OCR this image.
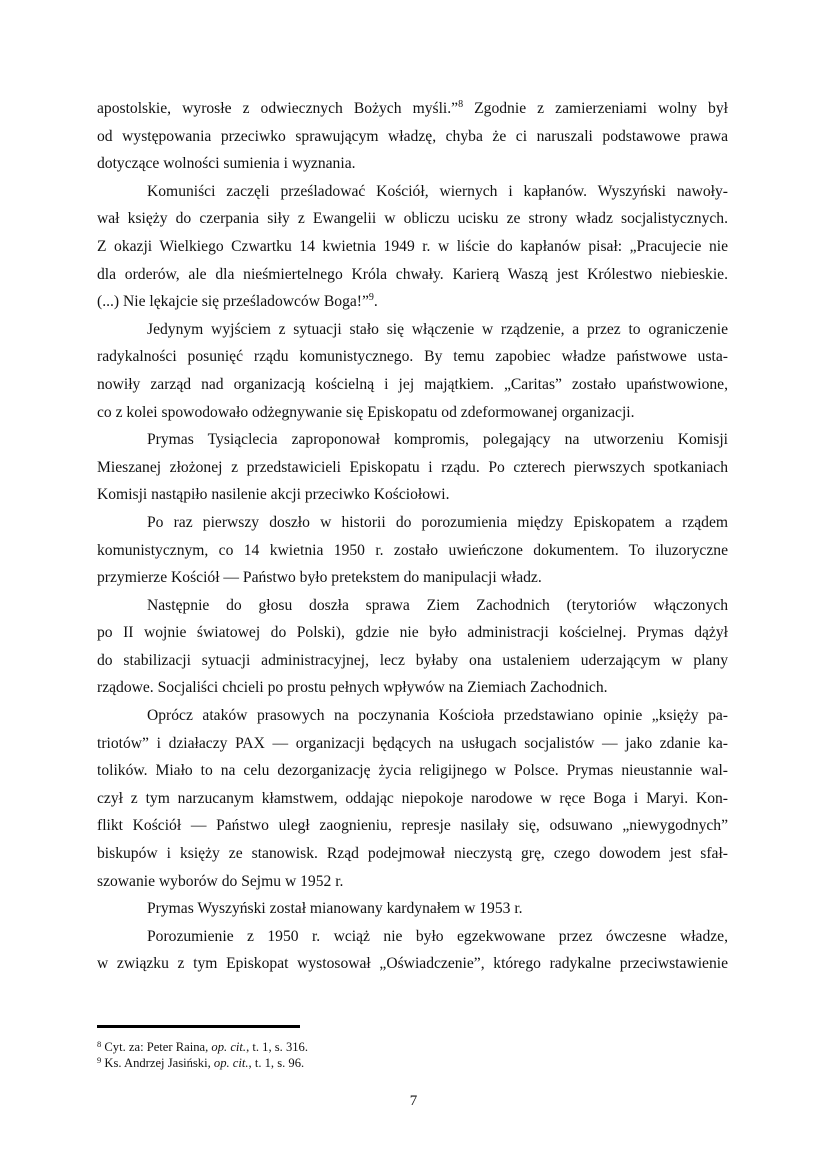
apostolskie, wyrosłe z odwiecznych Bożych myśli.”$^8$ Zgodnie z zamierzeniami wolny był
od występowania przeciwko sprawującym władzę, chyba że ci naruszali podstawowe prawa
dotyczące wolności sumienia i wyznania.
Komuniści zaczęli prześladować Kościół, wiernych i kapłanów. Wyszyński nawoły-
wał księży do czerpania siły z Ewangelii w obliczu ucisku ze strony władz socjalistycznych.
Z okazji Wielkiego Czwartku 14 kwietnia 1949 r. w liście do kapłanów pisał: „Pracujecie nie
dla orderów, ale dla nieśmiertelnego Króla chwały. Karierą Waszą jest Królestwo niebieskie.
(...) Nie lękajcie się prześladowców Boga!”$^9$.
Jedynym wyjściem z sytuacji stało się włączenie w rządzenie, a przez to ograniczenie
radykalności posunięć rządu komunistycznego. By temu zapobiec władze państwowe usta-
nowiły zarząd nad organizacją kościelną i jej majątkiem. „Caritas” zostało upaństwowione,
co z kolei spowodowało odżegnywanie się Episkopatu od zdeformowanej organizacji.
Prymas Tysiąclecia zaproponował kompromis, polegający na utworzeniu Komisji
Mieszanej złożonej z przedstawicieli Episkopatu i rządu. Po czterech pierwszych spotkaniach
Komisji nastąpiło nasilenie akcji przeciwko Kościołowi.
Po raz pierwszy doszło w historii do porozumienia między Episkopatem a rządem
komunistycznym, co 14 kwietnia 1950 r. zostało uwieńczone dokumentem. To iluzoryczne
przymierze Kościół — Państwo było pretekstem do manipulacji władz.
Następnie do głosu doszła sprawa Ziem Zachodnich (terytoriów włączonych
po II wojnie światowej do Polski), gdzie nie było administracji kościelnej. Prymas dążył
do stabilizacji sytuacji administracyjnej, lecz byłaby ona ustaleniem uderzającym w plany
rządowe. Socjaliści chcieli po prostu pełnych wpływów na Ziemiach Zachodnich.
Oprócz ataków prasowych na poczynania Kościoła przedstawiano opinie „księży pa-
triotów” i działaczy PAX — organizacji będących na usługach socjalistów — jako zdanie ka-
tolików. Miało to na celu dezorganizację życia religijnego w Polsce. Prymas nieustannie wal-
czył z tym narzucanym kłamstwem, oddając niepokoje narodowe w ręce Boga i Maryi. Kon-
flikt Kościół — Państwo uległ zaognieniu, represje nasilały się, odsuwano „niewygodnych”
biskupów i księży ze stanowisk. Rząd podejmował nieczystą grę, czego dowodem jest sfał-
szowanie wyborów do Sejmu w 1952 r.
Prymas Wyszyński został mianowany kardynałem w 1953 r.
Porozumienie z 1950 r. wciąż nie było egzekwowane przez ówczesne władze,
w związku z tym Episkopat wystosował „Oświadczenie”, którego radykalne przeciwstawienie
$^8$ Cyt. za: Peter Raina, op. cit., t. 1, s. 316.
$^9$ Ks. Andrzej Jasiński, op. cit., t. 1, s. 96.
7
